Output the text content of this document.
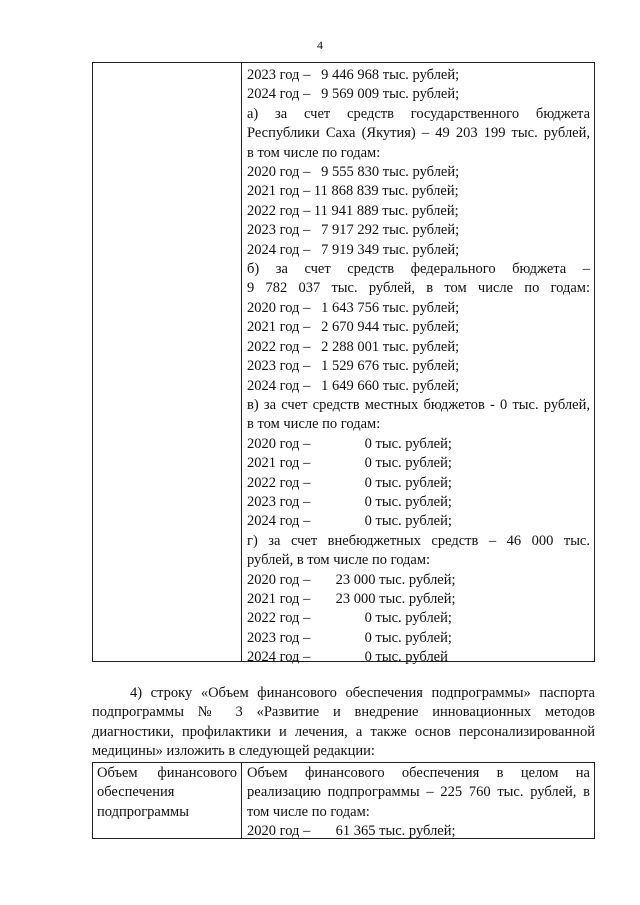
4
2023 год –   9 446 968 тыс. рублей;
2024 год –   9 569 009 тыс. рублей;
а) за счет средств государственного бюджета
Республики Саха (Якутия) – 49 203 199 тыс. рублей,
в том числе по годам:
2020 год –   9 555 830 тыс. рублей;
2021 год – 11 868 839 тыс. рублей;
2022 год – 11 941 889 тыс. рублей;
2023 год –   7 917 292 тыс. рублей;
2024 год –   7 919 349 тыс. рублей;
б) за счет средств федерального бюджета –
9 782 037 тыс. рублей, в том числе по годам:
2020 год –   1 643 756 тыс. рублей;
2021 год –   2 670 944 тыс. рублей;
2022 год –   2 288 001 тыс. рублей;
2023 год –   1 529 676 тыс. рублей;
2024 год –   1 649 660 тыс. рублей;
в) за счет средств местных бюджетов - 0 тыс. рублей,
в том числе по годам:
2020 год –               0 тыс. рублей;
2021 год –               0 тыс. рублей;
2022 год –               0 тыс. рублей;
2023 год –               0 тыс. рублей;
2024 год –               0 тыс. рублей;
г) за счет внебюджетных средств – 46 000 тыс.
рублей, в том числе по годам:
2020 год –       23 000 тыс. рублей;
2021 год –       23 000 тыс. рублей;
2022 год –               0 тыс. рублей;
2023 год –               0 тыс. рублей;
2024 год –               0 тыс. рублей
4) строку «Объем финансового обеспечения подпрограммы» паспорта
подпрограммы № 3 «Развитие и внедрение инновационных методов
диагностики, профилактики и лечения, а также основ персонализированной
медицины» изложить в следующей редакции:
Объем финансового
обеспечения
подпрограммы
Объем финансового обеспечения в целом на
реализацию подпрограммы – 225 760 тыс. рублей, в
том числе по годам:
2020 год –       61 365 тыс. рублей;
